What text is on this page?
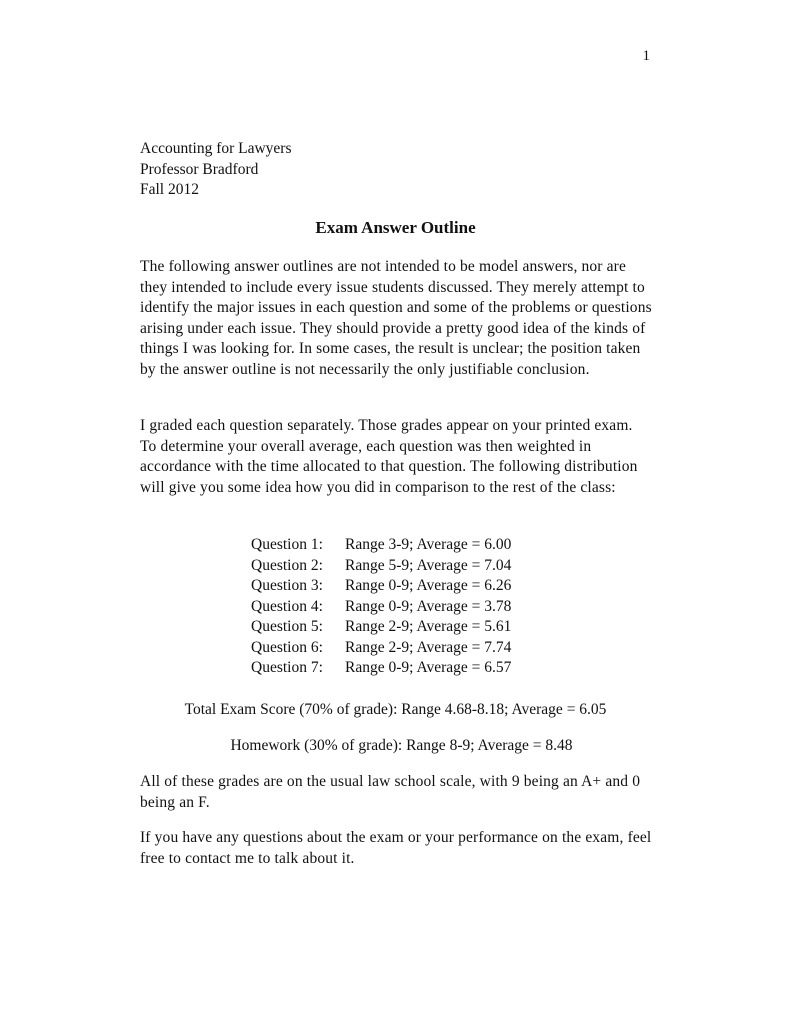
1
Accounting for Lawyers
Professor Bradford
Fall 2012
Exam Answer Outline

The following answer outlines are not intended to be model answers, nor are they intended to include every issue students discussed. They merely attempt to identify the major issues in each question and some of the problems or questions arising under each issue. They should provide a pretty good idea of the kinds of things I was looking for. In some cases, the result is unclear; the position taken by the answer outline is not necessarily the only justifiable conclusion.

I graded each question separately. Those grades appear on your printed exam. To determine your overall average, each question was then weighted in accordance with the time allocated to that question. The following distribution will give you some idea how you did in comparison to the rest of the class:

Question 1: Range 3-9; Average = 6.00
Question 2: Range 5-9; Average = 7.04
Question 3: Range 0-9; Average = 6.26
Question 4: Range 0-9; Average = 3.78
Question 5: Range 2-9; Average = 5.61
Question 6: Range 2-9; Average = 7.74
Question 7: Range 0-9; Average = 6.57
Total Exam Score (70% of grade): Range 4.68-8.18; Average = 6.05
Homework (30% of grade): Range 8-9; Average = 8.48

All of these grades are on the usual law school scale, with 9 being an A+ and 0 being an F.

If you have any questions about the exam or your performance on the exam, feel free to contact me to talk about it.
